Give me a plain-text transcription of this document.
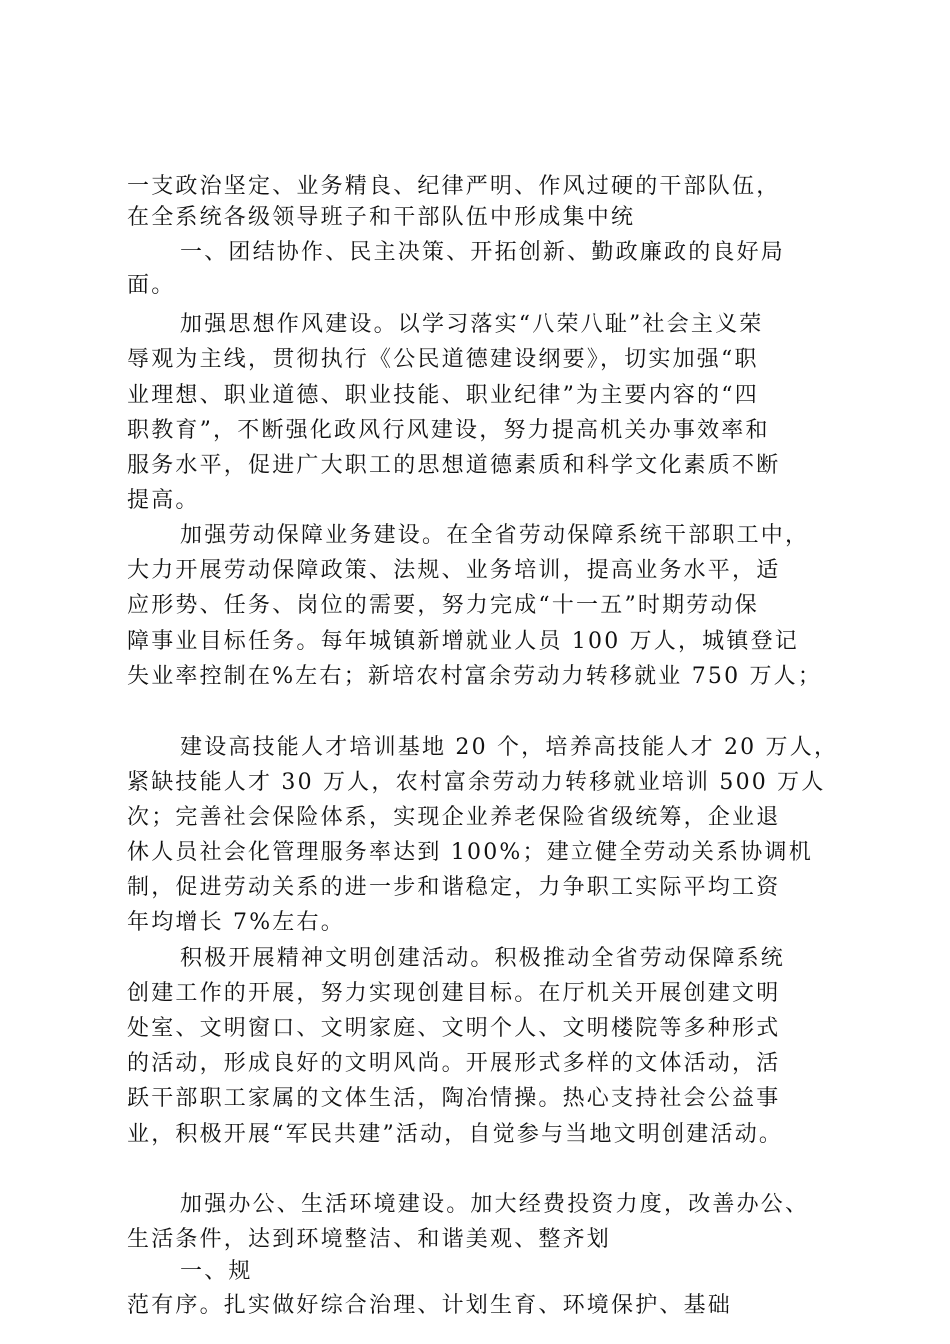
一支政治坚定、业务精良、纪律严明、作风过硬的干部队伍，
在全系统各级领导班子和干部队伍中形成集中统
一、团结协作、民主决策、开拓创新、勤政廉政的良好局
面。
加强思想作风建设。以学习落实“八荣八耻”社会主义荣
辱观为主线，贯彻执行《公民道德建设纲要》，切实加强“职
业理想、职业道德、职业技能、职业纪律”为主要内容的“四
职教育”，不断强化政风行风建设，努力提高机关办事效率和
服务水平，促进广大职工的思想道德素质和科学文化素质不断
提高。
加强劳动保障业务建设。在全省劳动保障系统干部职工中，
大力开展劳动保障政策、法规、业务培训，提高业务水平，适
应形势、任务、岗位的需要，努力完成“十一五”时期劳动保
障事业目标任务。每年城镇新增就业人员 100 万人，城镇登记
失业率控制在%左右；新培农村富余劳动力转移就业 750 万人；
建设高技能人才培训基地 20 个，培养高技能人才 20 万人，
紧缺技能人才 30 万人，农村富余劳动力转移就业培训 500 万人
次；完善社会保险体系，实现企业养老保险省级统筹，企业退
休人员社会化管理服务率达到 100%；建立健全劳动关系协调机
制，促进劳动关系的进一步和谐稳定，力争职工实际平均工资
年均增长 7%左右。
积极开展精神文明创建活动。积极推动全省劳动保障系统
创建工作的开展，努力实现创建目标。在厅机关开展创建文明
处室、文明窗口、文明家庭、文明个人、文明楼院等多种形式
的活动，形成良好的文明风尚。开展形式多样的文体活动，活
跃干部职工家属的文体生活，陶冶情操。热心支持社会公益事
业，积极开展“军民共建”活动，自觉参与当地文明创建活动。
加强办公、生活环境建设。加大经费投资力度，改善办公、
生活条件，达到环境整洁、和谐美观、整齐划
一、规
范有序。扎实做好综合治理、计划生育、环境保护、基础
